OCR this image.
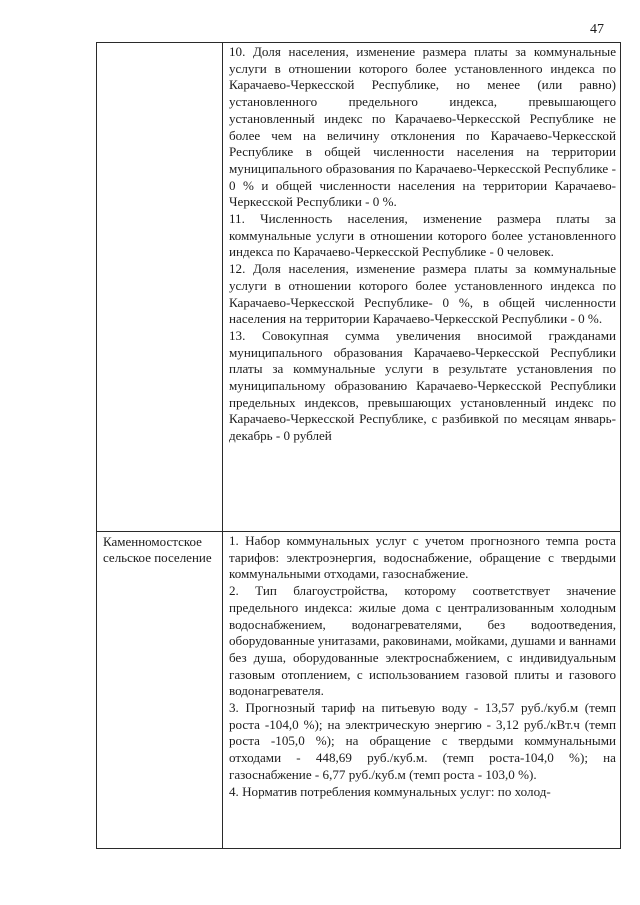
47

	10. Доля населения, изменение размера платы за коммунальные услуги в отношении которого более установленного индекса по Карачаево-Черкесской Республике, но менее (или равно) установленного предельного индекса, превышающего установленный индекс по Карачаево-Черкесской Республике не более чем на величину отклонения по Карачаево-Черкесской Республике в общей численности населения на территории муниципального образования по Карачаево-Черкесской Республике - 0 % и общей численности населения на территории Карачаево-Черкесской Республики - 0 %.

11. Численность населения, изменение размера платы за коммунальные услуги в отношении которого более установленного индекса по Карачаево-Черкесской Республике - 0 человек.

12. Доля населения, изменение размера платы за коммунальные услуги в отношении которого более установленного индекса по Карачаево-Черкесской Республике- 0 %, в общей численности населения на территории Карачаево-Черкесской Республики - 0 %.

13. Совокупная сумма увеличения вносимой гражданами муниципального образования Карачаево-Черкесской Республики платы за коммунальные услуги в результате установления по муниципальному образованию Карачаево-Черкесской Республики предельных индексов, превышающих установленный индекс по Карачаево-Черкесской Республике, с разбивкой по месяцам январь-декабрь - 0 рублей

Каменномостское сельское поселение	1. Набор коммунальных услуг с учетом прогнозного темпа роста тарифов: электроэнергия, водоснабжение, обращение с твердыми коммунальными отходами, газоснабжение.

2. Тип благоустройства, которому соответствует значение предельного индекса: жилые дома с централизованным холодным водоснабжением, водонагревателями, без водоотведения, оборудованные унитазами, раковинами, мойками, душами и ваннами без душа, оборудованные электроснабжением, с индивидуальным газовым отоплением, с использованием газовой плиты и газового водонагревателя.

3. Прогнозный тариф на питьевую воду - 13,57 руб./куб.м (темп роста -104,0 %); на электрическую энергию - 3,12 руб./кВт.ч (темп роста -105,0 %); на обращение с твердыми коммунальными отходами - 448,69 руб./куб.м. (темп роста-104,0 %); на газоснабжение - 6,77 руб./куб.м (темп роста - 103,0 %).

4. Норматив потребления коммунальных услуг: по холод-
